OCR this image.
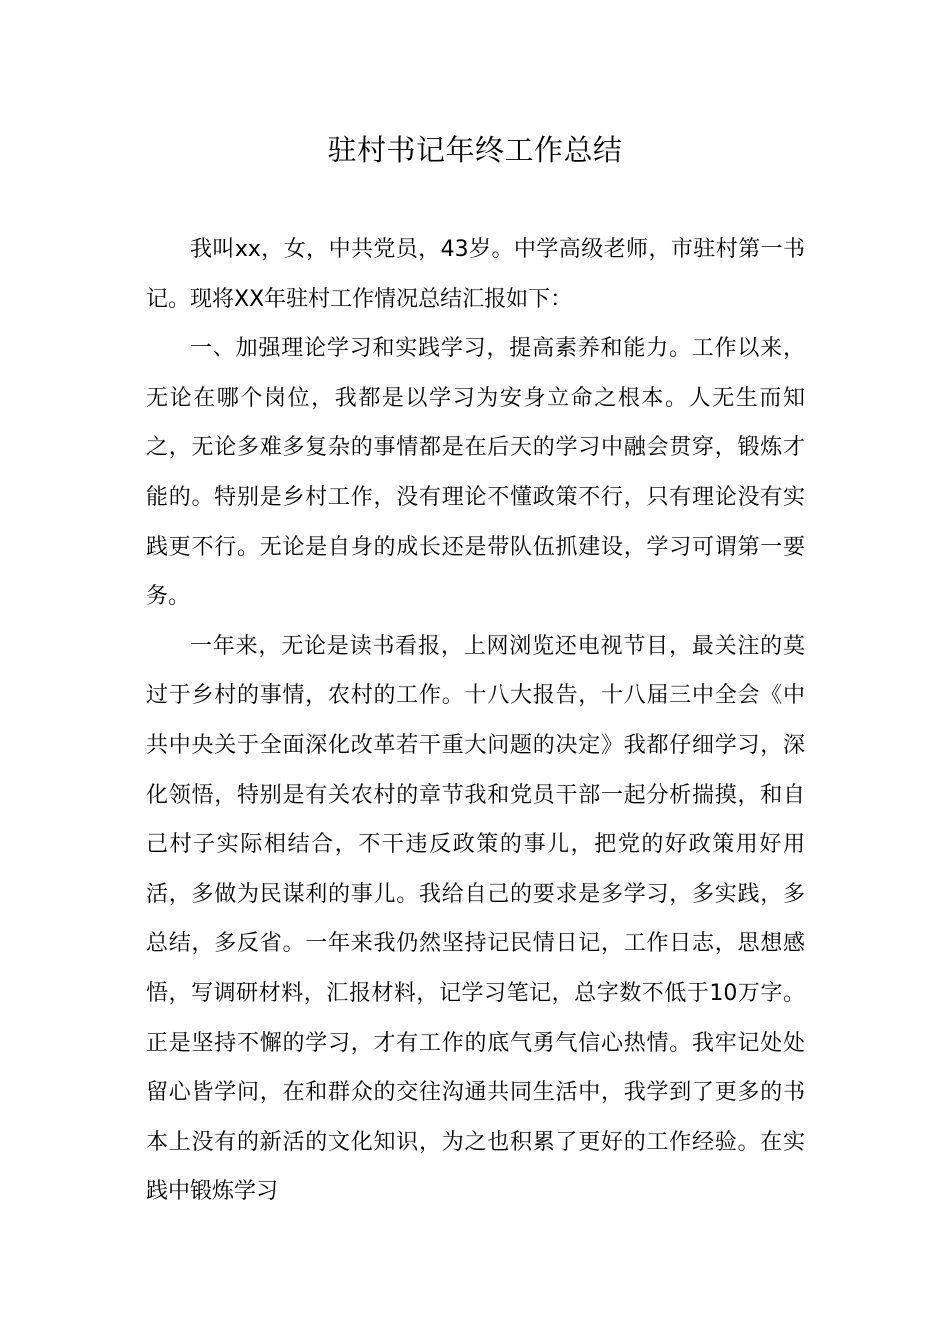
驻村书记年终工作总结

我叫xx，女，中共党员，43岁。中学高级老师，市驻村第一书记。现将XX年驻村工作情况总结汇报如下：

一、加强理论学习和实践学习，提高素养和能力。工作以来，无论在哪个岗位，我都是以学习为安身立命之根本。人无生而知之，无论多难多复杂的事情都是在后天的学习中融会贯穿，锻炼才能的。特别是乡村工作，没有理论不懂政策不行，只有理论没有实践更不行。无论是自身的成长还是带队伍抓建设，学习可谓第一要务。

一年来，无论是读书看报，上网浏览还电视节目，最关注的莫过于乡村的事情，农村的工作。十八大报告，十八届三中全会《中共中央关于全面深化改革若干重大问题的决定》我都仔细学习，深化领悟，特别是有关农村的章节我和党员干部一起分析揣摸，和自己村子实际相结合，不干违反政策的事儿，把党的好政策用好用活，多做为民谋利的事儿。我给自己的要求是多学习，多实践，多总结，多反省。一年来我仍然坚持记民情日记，工作日志，思想感悟，写调研材料，汇报材料，记学习笔记，总字数不低于10万字。正是坚持不懈的学习，才有工作的底气勇气信心热情。我牢记处处留心皆学问，在和群众的交往沟通共同生活中，我学到了更多的书本上没有的新活的文化知识，为之也积累了更好的工作经验。在实践中锻炼学习
